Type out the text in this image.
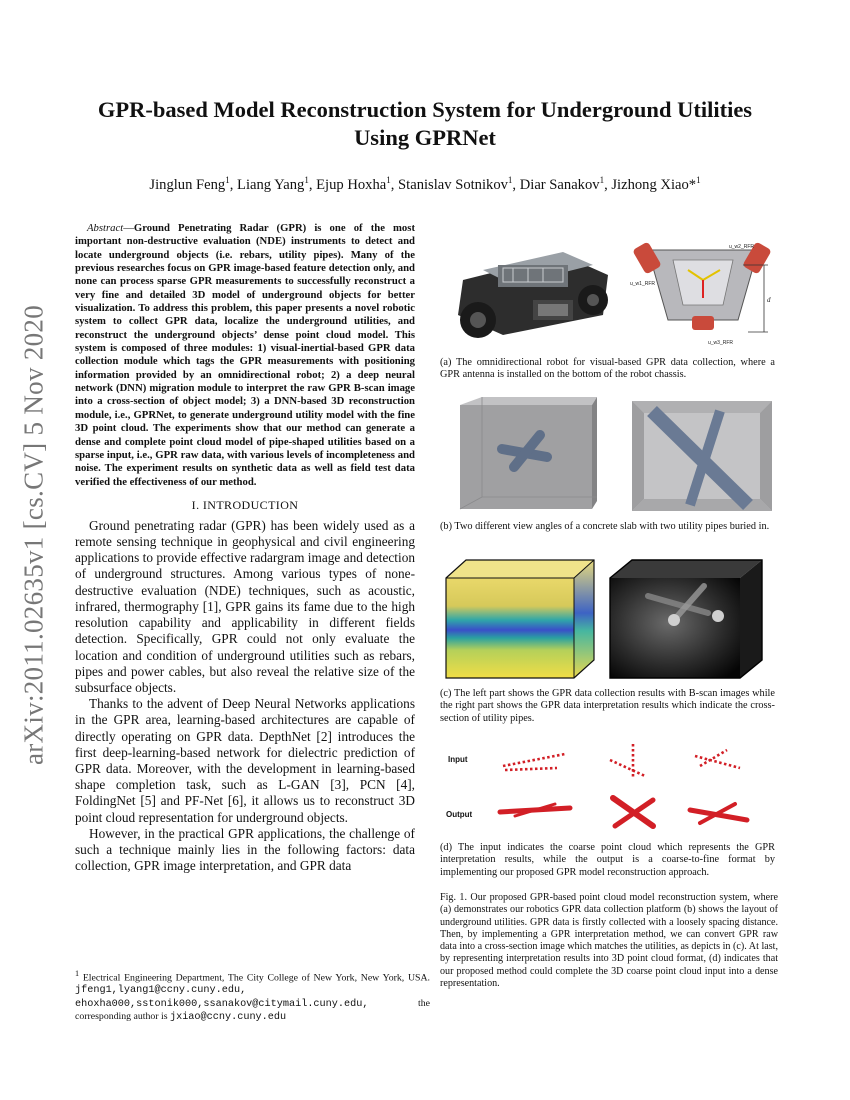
arXiv:2011.02635v1 [cs.CV] 5 Nov 2020
GPR-based Model Reconstruction System for Underground Utilities
Using GPRNet

Jinglun Feng$^1$, Liang Yang$^1$, Ejup Hoxha$^1$, Stanislav Sotnikov$^1$, Diar Sanakov$^1$, Jizhong Xiao*$^1$

Abstract—Ground Penetrating Radar (GPR) is one of the most important non-destructive evaluation (NDE) instruments to detect and locate underground objects (i.e. rebars, utility pipes). Many of the previous researches focus on GPR image-based feature detection only, and none can process sparse GPR measurements to successfully reconstruct a very fine and detailed 3D model of underground objects for better visualization. To address this problem, this paper presents a novel robotic system to collect GPR data, localize the underground utilities, and reconstruct the underground objects’ dense point cloud model. This system is composed of three modules: 1) visual-inertial-based GPR data collection module which tags the GPR measurements with positioning information provided by an omnidirectional robot; 2) a deep neural network (DNN) migration module to interpret the raw GPR B-scan image into a cross-section of object model; 3) a DNN-based 3D reconstruction module, i.e., GPRNet, to generate underground utility model with the fine 3D point cloud. The experiments show that our method can generate a dense and complete point cloud model of pipe-shaped utilities based on a sparse input, i.e., GPR raw data, with various levels of incompleteness and noise. The experiment results on synthetic data as well as field test data verified the effectiveness of our method.

I. INTRODUCTION

Ground penetrating radar (GPR) has been widely used as a remote sensing technique in geophysical and civil engineering applications to provide effective radargram image and detection of underground structures. Among various types of none-destructive evaluation (NDE) techniques, such as acoustic, infrared, thermography [1], GPR gains its fame due to the high resolution capability and applicability in different fields detection. Specifically, GPR could not only evaluate the location and condition of underground utilities such as rebars, pipes and power cables, but also reveal the relative size of the subsurface objects.

Thanks to the advent of Deep Neural Networks applications in the GPR area, learning-based architectures are capable of directly operating on GPR data. DepthNet [2] introduces the first deep-learning-based network for dielectric prediction of GPR data. Moreover, with the development in learning-based shape completion task, such as L-GAN [3], PCN [4], FoldingNet [5] and PF-Net [6], it allows us to reconstruct 3D point cloud representation for underground objects.

However, in the practical GPR applications, the challenge of such a technique mainly lies in the following factors: data collection, GPR image interpretation, and GPR data

$^1$ Electrical Engineering Department, The City College of New York, New York, USA. jfeng1,lyang1@ccny.cuny.edu, ehoxha000,sstonik000,ssanakov@citymail.cuny.edu,	the corresponding author is jxiao@ccny.cuny.edu

u_w2_RFR
u_w1_RFR
u_w3_RFR
d

(a) The omnidirectional robot for visual-based GPR data collection, where a GPR antenna is installed on the bottom of the robot chassis.

(b) Two different view angles of a concrete slab with two utility pipes buried in.

(c) The left part shows the GPR data collection results with B-scan images while the right part shows the GPR data interpretation results which indicate the cross-section of utility pipes.

Input
Output

(d) The input indicates the coarse point cloud which represents the GPR interpretation results, while the output is a coarse-to-fine format by implementing our proposed GPR model reconstruction approach.

Fig. 1. Our proposed GPR-based point cloud model reconstruction system, where (a) demonstrates our robotics GPR data collection platform (b) shows the layout of underground utilities. GPR data is firstly collected with a loosely spacing distance. Then, by implementing a GPR interpretation method, we can convert GPR raw data into a cross-section image which matches the utilities, as depicts in (c). At last, by representing interpretation results into 3D point cloud format, (d) indicates that our proposed method could complete the 3D coarse point cloud input into a dense representation.
